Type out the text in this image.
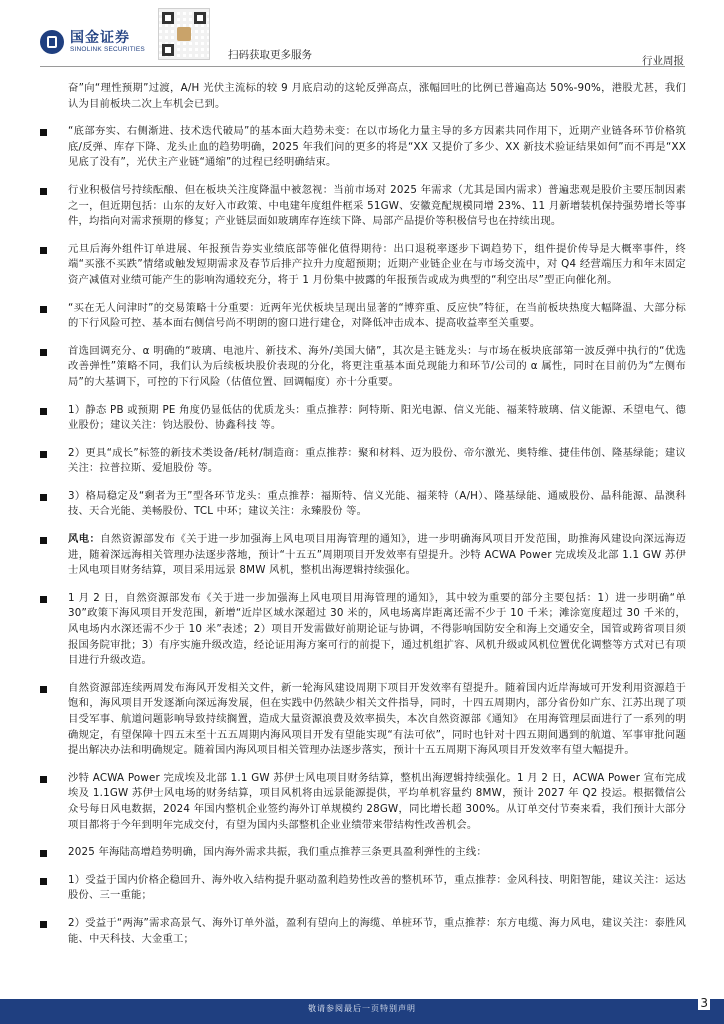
国金证券
SINOLINK SECURITIES	扫码获取更多服务	行业周报
奋”向“理性预期”过渡，A/H 光伏主流标的较 9 月底启动的这轮反弹高点，涨幅回吐的比例已普遍高达 50%-90%，港股尤甚，我们认为目前板块二次上车机会已到。
“底部夯实、右侧渐进、技术迭代破局”的基本面大趋势未变：在以市场化力量主导的多方因素共同作用下，近期产业链各环节价格筑底/反弹、库存下降、龙头止血的趋势明确，2025 年我们问的更多的将是“XX 又提价了多少、XX 新技术验证结果如何”而不再是“XX 见底了没有”，光伏主产业链“通缩”的过程已经明确结束。
行业积极信号持续酝酿、但在板块关注度降温中被忽视：当前市场对 2025 年需求（尤其是国内需求）普遍悲观是股价主要压制因素之一，但近期包括：山东的友好入市政策、中电建年度组件框采 51GW、安徽竞配规模同增 23%、11 月新增装机保持强势增长等事件，均指向对需求预期的修复；产业链层面如玻璃库存连续下降、局部产品提价等积极信号也在持续出现。
元旦后海外组件订单进展、年报预告券实业绩底部等催化值得期待：出口退税率逐步下调趋势下，组件提价传导是大概率事件，终端“买涨不买跌”情绪或触发短期需求及春节后排产拉升力度超预期；近期产业链企业在与市场交流中，对 Q4 经营端压力和年末固定资产减值对业绩可能产生的影响沟通较充分，将于 1 月份集中披露的年报预告或成为典型的“利空出尽”型正向催化剂。
“买在无人问津时”的交易策略十分重要：近两年光伏板块呈现出显著的“博弈重、反应快”特征，在当前板块热度大幅降温、大部分标的下行风险可控、基本面右侧信号尚不明朗的窗口进行建仓，对降低冲击成本、提高收益率至关重要。
首选回调充分、α 明确的“玻璃、电池片、新技术、海外/美国大储”，其次是主链龙头：与市场在板块底部第一波反弹中执行的“优选改善弹性”策略不同，我们认为后续板块股价表现的分化，将更注重基本面兑现能力和环节/公司的 α 属性，同时在目前仍为“左侧布局”的大基调下，可控的下行风险（估值位置、回调幅度）亦十分重要。
1）静态 PB 或预期 PE 角度仍显低估的优质龙头：重点推荐：阿特斯、阳光电源、信义光能、福莱特玻璃、信义能源、禾望电气、德业股份；建议关注：钧达股份、协鑫科技 等。
2）更具“成长”标签的新技术类设备/耗材/制造商：重点推荐：聚和材料、迈为股份、帝尔激光、奥特维、捷佳伟创、隆基绿能；建议关注：拉普拉斯、爱旭股份 等。
3）格局稳定及“剩者为王”型各环节龙头：重点推荐：福斯特、信义光能、福莱特（A/H）、隆基绿能、通威股份、晶科能源、晶澳科技、天合光能、美畅股份、TCL 中环；建议关注：永臻股份 等。
风电：自然资源部发布《关于进一步加强海上风电项目用海管理的通知》，进一步明确海风项目开发范围，助推海风建设向深远海迈进，随着深远海相关管理办法逐步落地，预计“十五五”周期项目开发效率有望提升。沙特 ACWA Power 完成埃及北部 1.1 GW 苏伊士风电项目财务结算，项目采用远景 8MW 风机，整机出海逻辑持续强化。
1 月 2 日，自然资源部发布《关于进一步加强海上风电项目用海管理的通知》，其中较为重要的部分主要包括：1）进一步明确“单 30”政策下海风项目开发范围，新增“近岸区域水深超过 30 米的，风电场离岸距离还需不少于 10 千米；滩涂宽度超过 30 千米的，风电场内水深还需不少于 10 米”表述；2）项目开发需做好前期论证与协调，不得影响国防安全和海上交通安全，国管或跨省项目须报国务院审批；3）有序实施升级改造，经论证用海方案可行的前提下，通过机组扩容、风机升级或风机位置优化调整等方式对已有项目进行升级改造。
自然资源部连续两周发布海风开发相关文件，新一轮海风建设周期下项目开发效率有望提升。随着国内近岸海域可开发利用资源趋于饱和，海风项目开发逐渐向深远海发展，但在实践中仍然缺少相关文件指导，同时，十四五周期内，部分省份如广东、江苏出现了项目受军事、航道问题影响导致持续搁置，造成大量资源浪费及效率损失，本次自然资源部《通知》 在用海管理层面进行了一系列的明确规定，有望保障十四五末至十五五周期内海风项目开发有望能实现“有法可依”，同时也针对十四五期间遇到的航道、军事审批问题提出解决办法和明确规定。随着国内海风项目相关管理办法逐步落实，预计十五五周期下海风项目开发效率有望大幅提升。
沙特 ACWA Power 完成埃及北部 1.1 GW 苏伊士风电项目财务结算，整机出海逻辑持续强化。1 月 2 日，ACWA Power 宣布完成埃及 1.1GW 苏伊士风电场的财务结算，项目风机将由远景能源提供，平均单机容量约 8MW，预计 2027 年 Q2 投运。根据微信公众号每日风电数据，2024 年国内整机企业签约海外订单规模约 28GW，同比增长超 300%。从订单交付节奏来看，我们预计大部分项目都将于今年到明年完成交付，有望为国内头部整机企业业绩带来带结构性改善机会。
2025 年海陆高增趋势明确，国内海外需求共振，我们重点推荐三条更具盈利弹性的主线：
1）受益于国内价格企稳回升、海外收入结构提升驱动盈利趋势性改善的整机环节，重点推荐：金风科技、明阳智能，建议关注：运达股份、三一重能；
2）受益于“两海”需求高景气、海外订单外溢，盈利有望向上的海缆、单桩环节，重点推荐：东方电缆、海力风电，建议关注：泰胜风能、中天科技、大金重工；
敬请参阅最后一页特别声明	3
